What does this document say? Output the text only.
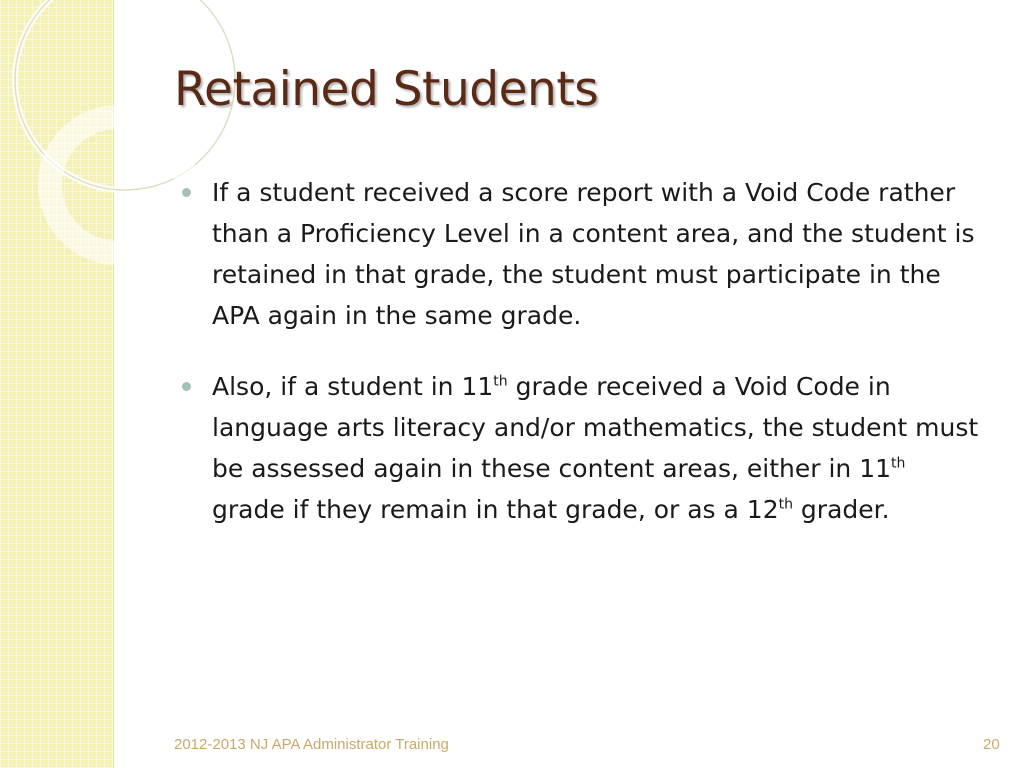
Retained Students
If a student received a score report with a Void Code rather than a Proficiency Level in a content area, and the student is retained in that grade, the student must participate in the APA again in the same grade.
Also, if a student in 11th grade received a Void Code in language arts literacy and/or mathematics, the student must be assessed again in these content areas, either in 11th grade if they remain in that grade, or as a 12th grader.
2012-2013 NJ APA Administrator Training	20
